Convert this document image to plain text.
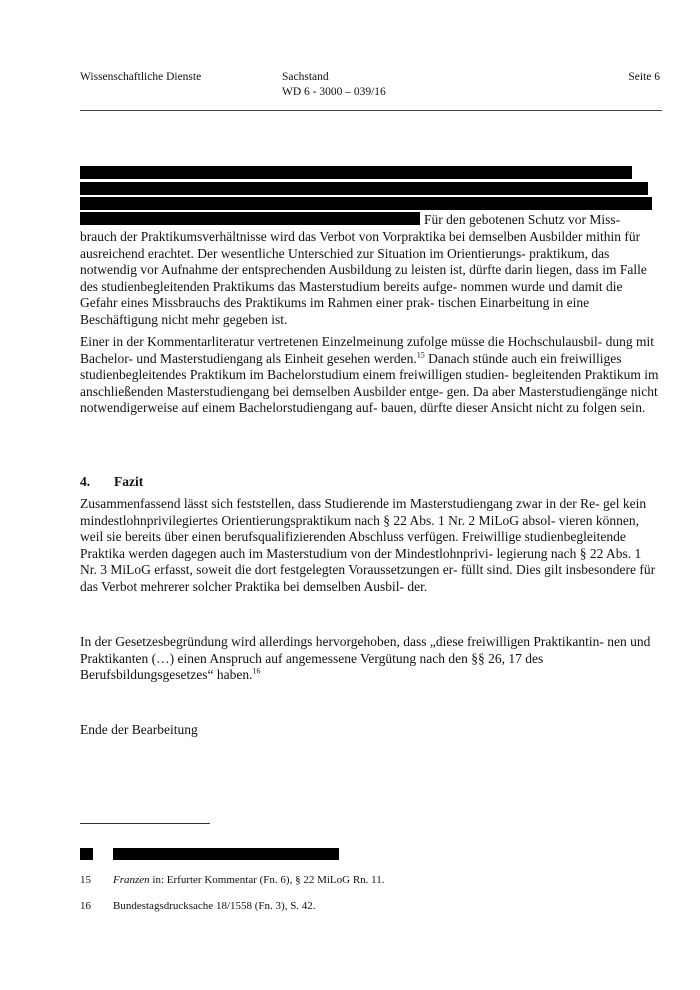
Wissenschaftliche Dienste	Sachstand
WD 6 - 3000 – 039/16
Seite 6
Für den gebotenen Schutz vor Miss-

brauch der Praktikumsverhältnisse wird das Verbot von Vorpraktika bei demselben Ausbilder mithin für ausreichend erachtet. Der wesentliche Unterschied zur Situation im Orientierungs- praktikum, das notwendig vor Aufnahme der entsprechenden Ausbildung zu leisten ist, dürfte darin liegen, dass im Falle des studienbegleitenden Praktikums das Masterstudium bereits aufge- nommen wurde und damit die Gefahr eines Missbrauchs des Praktikums im Rahmen einer prak- tischen Einarbeitung in eine Beschäftigung nicht mehr gegeben ist.

Einer in der Kommentarliteratur vertretenen Einzelmeinung zufolge müsse die Hochschulausbil- dung mit Bachelor- und Masterstudiengang als Einheit gesehen werden.$^{15}$ Danach stünde auch ein freiwilliges studienbegleitendes Praktikum im Bachelorstudium einem freiwilligen studien- begleitenden Praktikum im anschließenden Masterstudiengang bei demselben Ausbilder entge- gen. Da aber Masterstudiengänge nicht notwendigerweise auf einem Bachelorstudiengang auf- bauen, dürfte dieser Ansicht nicht zu folgen sein.

4. Fazit

Zusammenfassend lässt sich feststellen, dass Studierende im Masterstudiengang zwar in der Re- gel kein mindestlohnprivilegiertes Orientierungspraktikum nach § 22 Abs. 1 Nr. 2 MiLoG absol- vieren können, weil sie bereits über einen berufsqualifizierenden Abschluss verfügen. Freiwillige studienbegleitende Praktika werden dagegen auch im Masterstudium von der Mindestlohnprivi- legierung nach § 22 Abs. 1 Nr. 3 MiLoG erfasst, soweit die dort festgelegten Voraussetzungen er- füllt sind. Dies gilt insbesondere für das Verbot mehrerer solcher Praktika bei demselben Ausbil- der.

In der Gesetzesbegründung wird allerdings hervorgehoben, dass „diese freiwilligen Praktikantin- nen und Praktikanten (…) einen Anspruch auf angemessene Vergütung nach den §§ 26, 17 des Berufsbildungsgesetzes“ haben.$^{16}$

Ende der Bearbeitung
15 Franzen in: Erfurter Kommentar (Fn. 6), § 22 MiLoG Rn. 11.
16 Bundestagsdrucksache 18/1558 (Fn. 3), S. 42.
